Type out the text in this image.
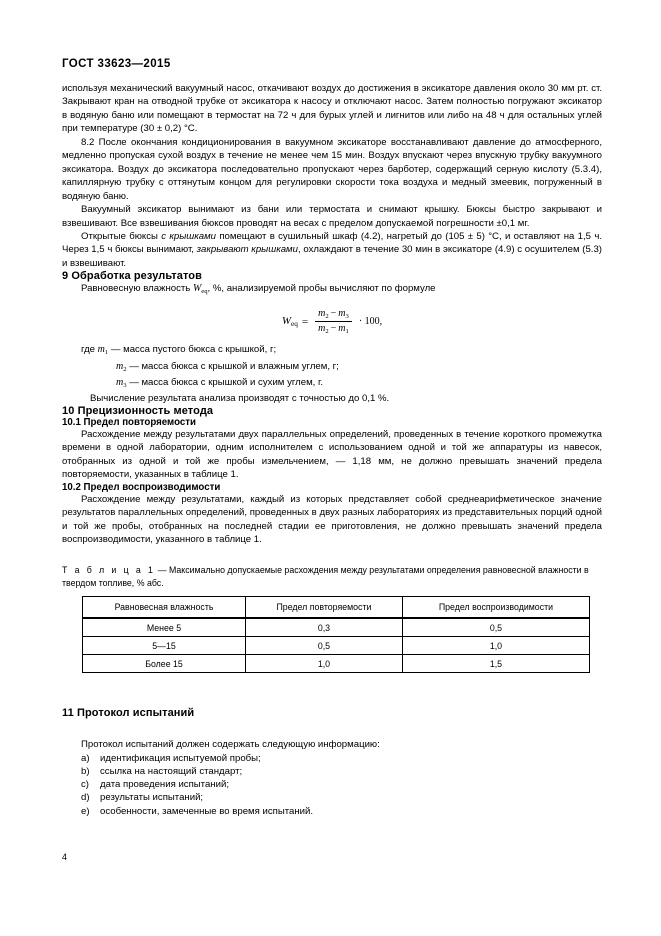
ГОСТ 33623—2015

используя механический вакуумный насос, откачивают воздух до достижения в эксикаторе давления около 30 мм рт. ст. Закрывают кран на отводной трубке от эксикатора к насосу и отключают насос. Затем полностью погружают эксикатор в водяную баню или помещают в термостат на 72 ч для бурых углей и лигнитов или либо на 48 ч для остальных углей при температуре (30 ± 0,2) °С.

8.2 После окончания кондиционирования в вакуумном эксикаторе восстанавливают давление до атмосферного, медленно пропуская сухой воздух в течение не менее чем 15 мин. Воздух впускают через впускную трубку вакуумного эксикатора. Воздух до эксикатора последовательно пропускают через барботер, содержащий серную кислоту (5.3.4), капиллярную трубку с оттянутым концом для регулировки скорости тока воздуха и медный змеевик, погруженный в водяную баню.

Вакуумный эксикатор вынимают из бани или термостата и снимают крышку. Бюксы быстро закрывают и взвешивают. Все взвешивания бюксов проводят на весах с пределом допускаемой погрешности ±0,1 мг.

Открытые бюксы с крышками помещают в сушильный шкаф (4.2), нагретый до (105 ± 5) °С, и оставляют на 1,5 ч. Через 1,5 ч бюксы вынимают, закрывают крышками, охлаждают в течение 30 мин в эксикаторе (4.9) с осушителем (5.3) и взвешивают.

9 Обработка результатов

Равновесную влажность $W_{eq}$, %, анализируемой пробы вычисляют по формуле

$W_{eq} = \frac{m_2 - m_3}{m_2 - m_1} \cdot 100$,
где $m_1$ — масса пустого бюкса с крышкой, г;
$m_2$ — масса бюкса с крышкой и влажным углем, г;
$m_3$ — масса бюкса с крышкой и сухим углем, г.
Вычисление результата анализа производят с точностью до 0,1 %.
10 Прецизионность метода
10.1 Предел повторяемости

Расхождение между результатами двух параллельных определений, проведенных в течение короткого промежутка времени в одной лаборатории, одним исполнителем с использованием одной и той же аппаратуры из навесок, отобранных из одной и той же пробы измельчением, — 1,18 мм, не должно превышать значений предела повторяемости, указанных в таблице 1.

10.2 Предел воспроизводимости

Расхождение между результатами, каждый из которых представляет собой среднеарифметическое значение результатов параллельных определений, проведенных в двух разных лабораториях из представительных порций одной и той же пробы, отобранных на последней стадии ее приготовления, не должно превышать значений предела воспроизводимости, указанного в таблице 1.

Т а б л и ц а 1 — Максимально допускаемые расхождения между результатами определения равновесной влажности в твердом топливе, % абс.
Равновесная влажность	Предел повторяемости	Предел воспроизводимости
Менее 5	0,3	0,5
5—15	0,5	1,0
Более 15	1,0	1,5
11 Протокол испытаний

Протокол испытаний должен содержать следующую информацию:

a) идентификация испытуемой пробы;
b) ссылка на настоящий стандарт;
c) дата проведения испытаний;
d) результаты испытаний;
e) особенности, замеченные во время испытаний.
4
